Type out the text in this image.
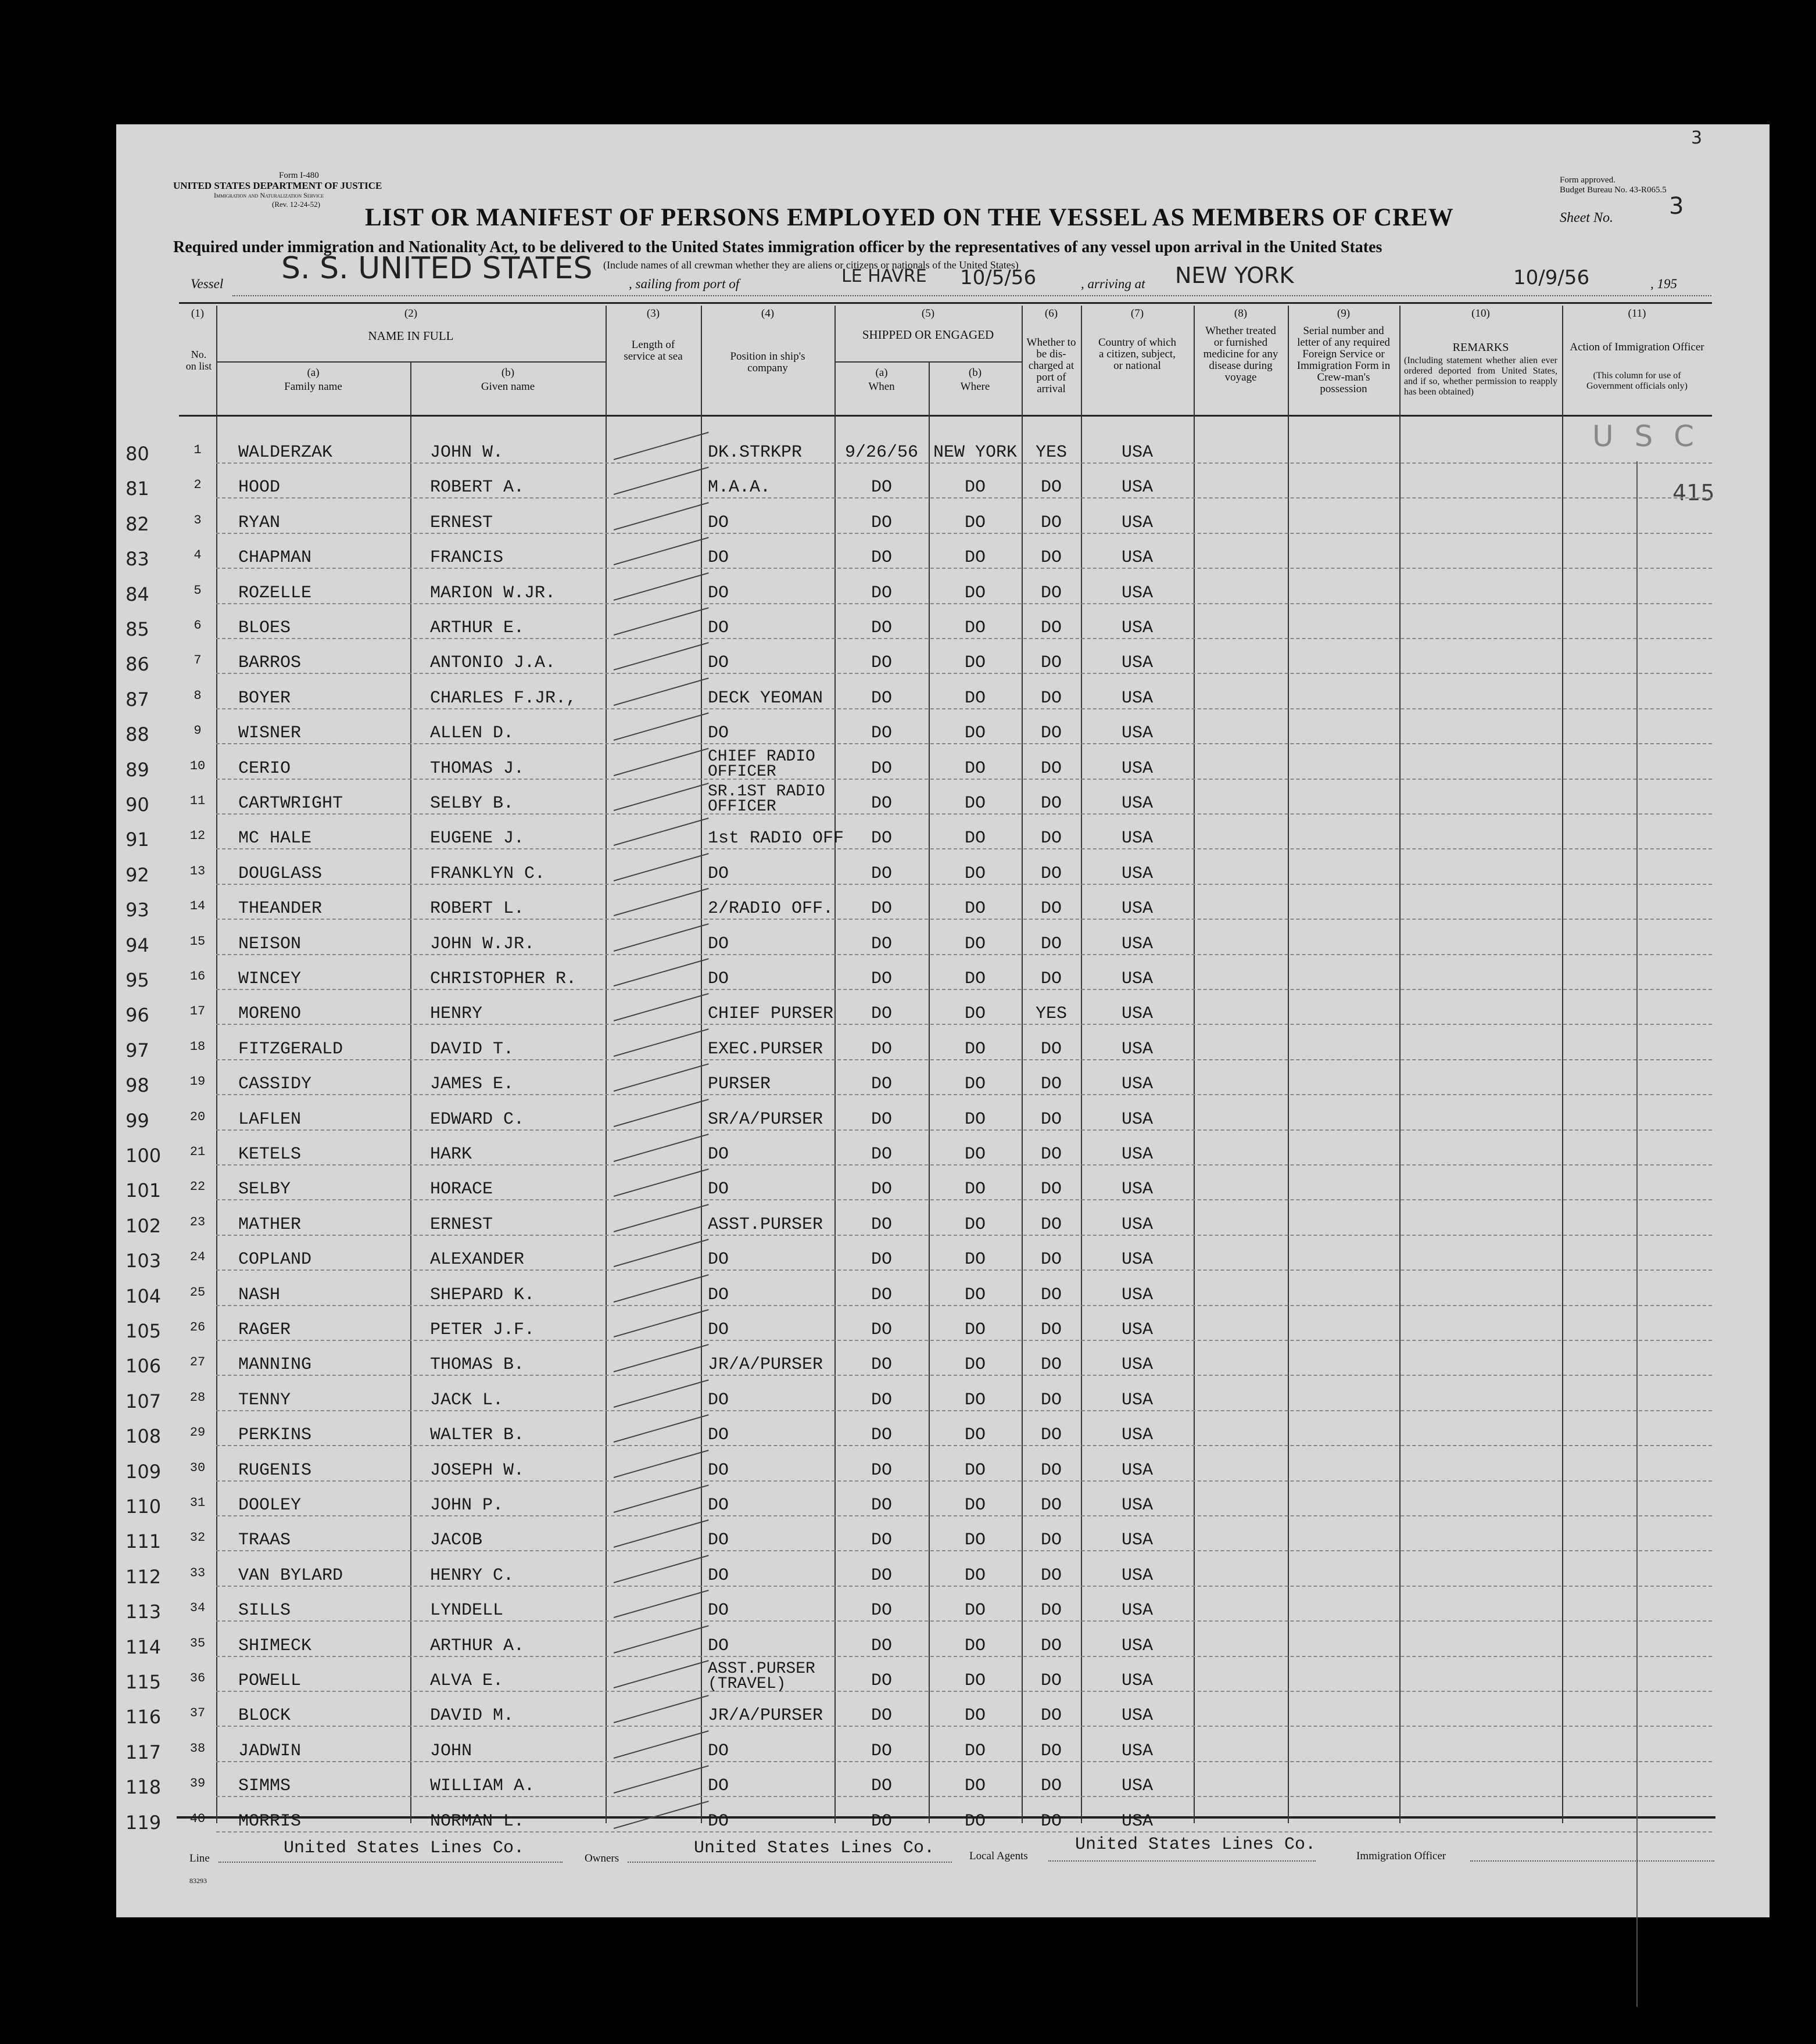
3
Form I-480
UNITED STATES DEPARTMENT OF JUSTICE
Immigration and Naturalization Service
(Rev. 12-24-52)
Form approved.
Budget Bureau No. 43-R065.5
LIST OR MANIFEST OF PERSONS EMPLOYED ON THE VESSEL AS MEMBERS OF CREW	Sheet No. 3
Required under immigration and Nationality Act, to be delivered to the United States immigration officer by the representatives of any vessel upon arrival in the United States
(Include names of all crewman whether they are aliens or citizens or nationals of the United States)
Vessel S. S. UNITED STATES	, sailing from port of	LE HAVRE 10/5/56	, arriving at NEW YORK	10/9/56	, 195
(1)
No. on list
(2)
NAME IN FULL
(a)
Family name
(b)
Given name
(3)
Length of service at sea
(4)
Position in ship's company
(5)
SHIPPED OR ENGAGED
(a)
When
(b)
Where
(6)
Whether to be dis-charged at port of arrival
(7)
Country of which a citizen, subject, or national
(8)
Whether treated or furnished medicine for any disease during voyage
(9)
Serial number and letter of any required Foreign Service or Immigration Form in Crew-man's possession
(10)
REMARKS
(Including statement whether alien ever ordered deported from United States, and if so, whether permission to reapply has been obtained)
(11)
Action of Immigration Officer
(This column for use of Government officials only)
U S C
415
80	1	WALDERZAK	JOHN W.	DK.STRKPR	9/26/56 NEW YORK	YES	USA
81	2	HOOD	ROBERT A.	M.A.A.	DO	DO	DO	USA
82	3	RYAN	ERNEST	DO	DO	DO	DO	USA
83	4	CHAPMAN	FRANCIS	DO	DO	DO	DO	USA
84	5	ROZELLE	MARION W.JR.	DO	DO	DO	DO	USA
85	6	BLOES	ARTHUR E.	DO	DO	DO	DO	USA
86	7	BARROS	ANTONIO J.A.	DO	DO	DO	DO	USA
87	8	BOYER	CHARLES F.JR.,	DECK YEOMAN	DO	DO	DO	USA
88	9	WISNER	ALLEN D.	DO	DO	DO	DO	USA
89	10	CERIO	THOMAS J.
CHIEF RADIO
OFFICER	DO	DO	DO	USA
90	11	CARTWRIGHT	SELBY B.
SR.1ST RADIO
OFFICER	DO	DO	DO	USA
91	12	MC HALE	EUGENE J.	1st RADIO OFF	DO	DO	DO	USA
92	13	DOUGLASS	FRANKLYN C.	DO	DO	DO	DO	USA
93	14	THEANDER	ROBERT L.	2/RADIO OFF.	DO	DO	DO	USA
94	15	NEISON	JOHN W.JR.	DO	DO	DO	DO	USA
95	16	WINCEY	CHRISTOPHER R.	DO	DO	DO	DO	USA
96	17	MORENO	HENRY	CHIEF PURSER	DO	DO	YES	USA
97	18	FITZGERALD	DAVID T.	EXEC.PURSER	DO	DO	DO	USA
98	19	CASSIDY	JAMES E.	PURSER	DO	DO	DO	USA
99	20	LAFLEN	EDWARD C.	SR/A/PURSER	DO	DO	DO	USA
100	21	KETELS	HARK	DO	DO	DO	DO	USA
101	22	SELBY	HORACE	DO	DO	DO	DO	USA
102	23	MATHER	ERNEST	ASST.PURSER	DO	DO	DO	USA
103	24	COPLAND	ALEXANDER	DO	DO	DO	DO	USA
104	25	NASH	SHEPARD K.	DO	DO	DO	DO	USA
105	26	RAGER	PETER J.F.	DO	DO	DO	DO	USA
106	27	MANNING	THOMAS B.	JR/A/PURSER	DO	DO	DO	USA
107	28	TENNY	JACK L.	DO	DO	DO	DO	USA
108	29	PERKINS	WALTER B.	DO	DO	DO	DO	USA
109	30	RUGENIS	JOSEPH W.	DO	DO	DO	DO	USA
110	31	DOOLEY	JOHN P.	DO	DO	DO	DO	USA
111	32	TRAAS	JACOB	DO	DO	DO	DO	USA
112	33	VAN BYLARD	HENRY C.	DO	DO	DO	DO	USA
113	34	SILLS	LYNDELL	DO	DO	DO	DO	USA
114	35	SHIMECK	ARTHUR A.	DO	DO	DO	DO	USA
115	36	POWELL	ALVA E.
ASST.PURSER
(TRAVEL)	DO	DO	DO	USA
116	37	BLOCK	DAVID M.	JR/A/PURSER	DO	DO	DO	USA
117	38	JADWIN	JOHN	DO	DO	DO	DO	USA
118	39	SIMMS	WILLIAM A.	DO	DO	DO	DO	USA
119	40	MORRIS	NORMAN L.	DO	DO	DO	DO	USA
Line
United States Lines Co.
Owners
United States Lines Co.	Local Agents
United States Lines Co.
Immigration Officer
83293
